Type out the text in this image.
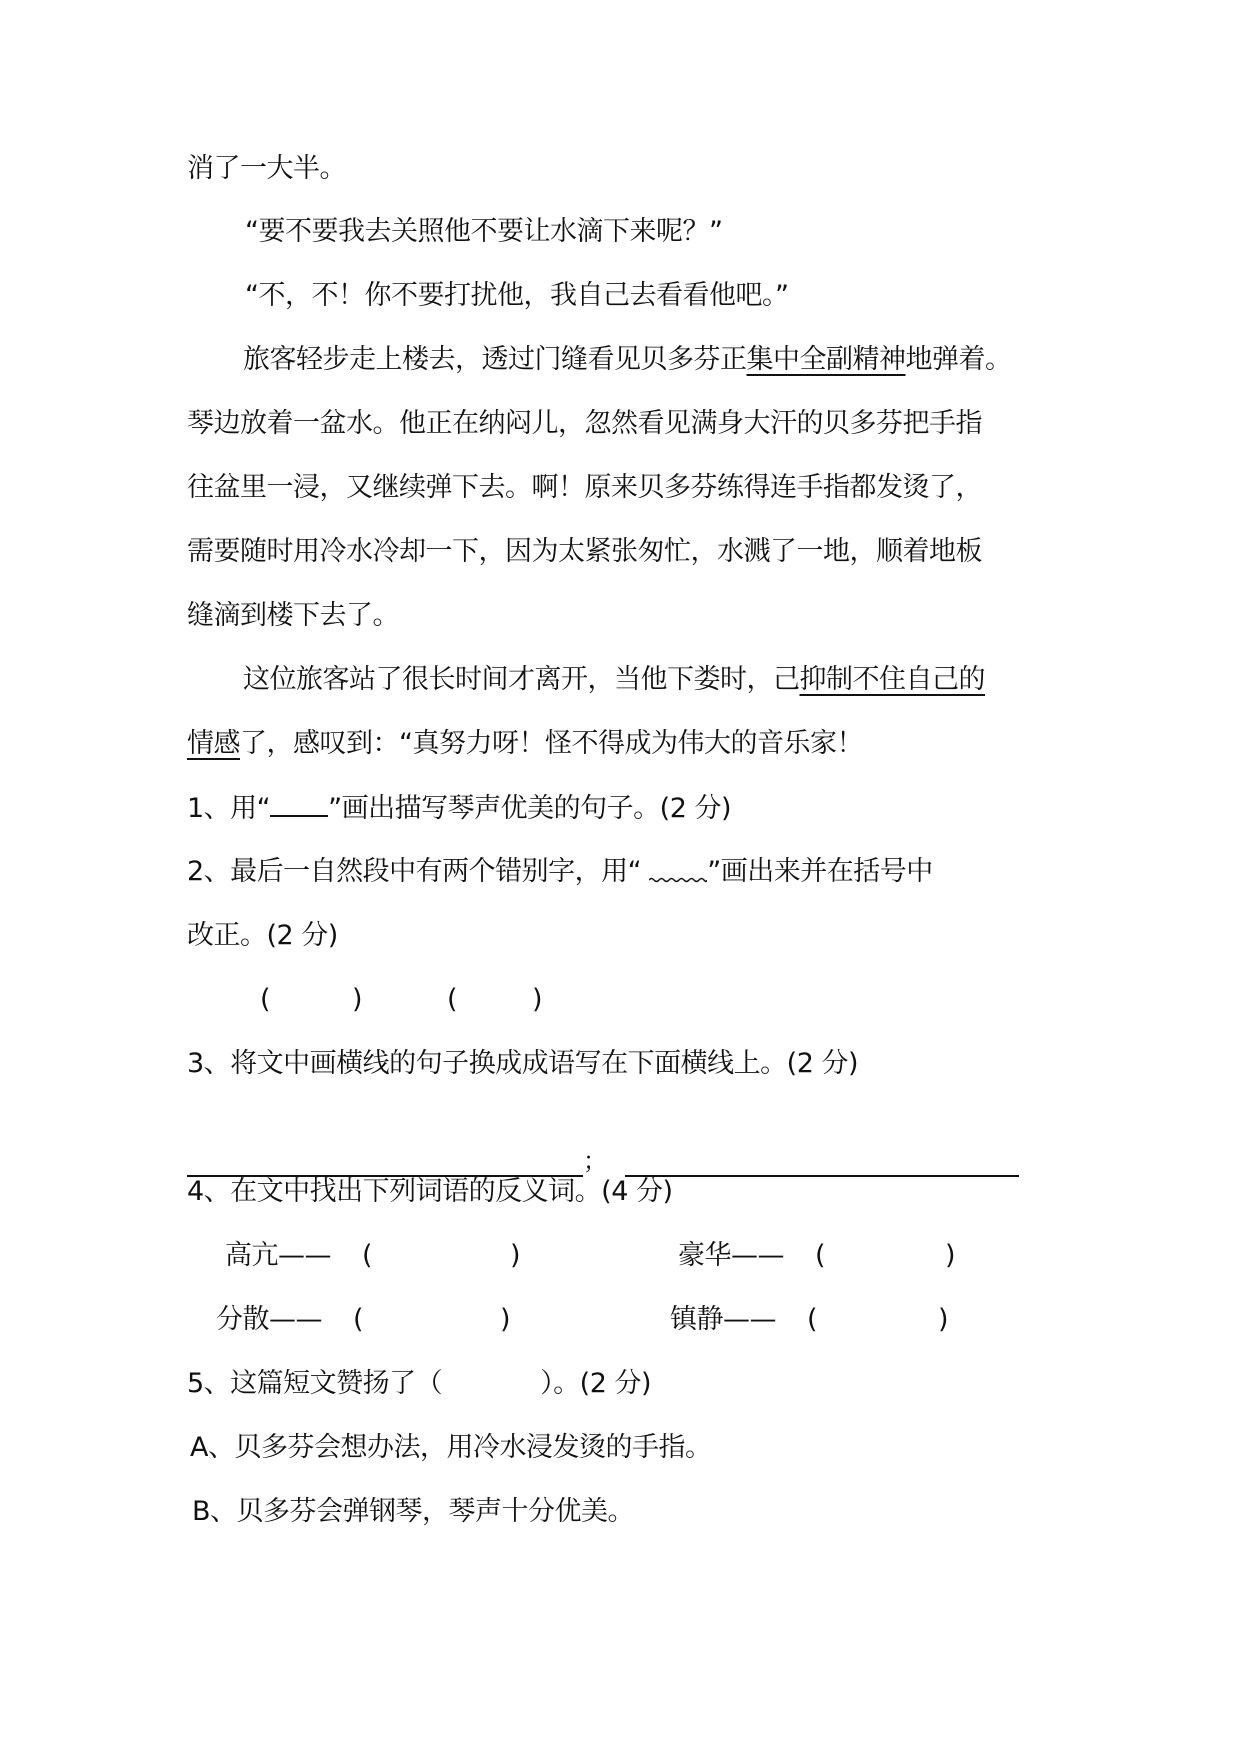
消了一大半。
“要不要我去关照他不要让水滴下来呢？”
“不，不！你不要打扰他，我自己去看看他吧。”
旅客轻步走上楼去，透过门缝看见贝多芬正集中全副精神地弹着。
琴边放着一盆水。他正在纳闷儿，忽然看见满身大汗的贝多芬把手指
往盆里一浸，又继续弹下去。啊！原来贝多芬练得连手指都发烫了，
需要随时用冷水冷却一下，因为太紧张匆忙，水溅了一地，顺着地板
缝滴到楼下去了。
这位旅客站了很长时间才离开，当他下娄时，己抑制不住自己的
情感了，感叹到：“真努力呀！怪不得成为伟大的音乐家！
1、用“ ”画出描写琴声优美的句子。(2 分)
2、最后一自然段中有两个错别字，用“
”画出来并在括号中
改正。(2 分)
(	)	(	)
3、将文中画横线的句子换成成语写在下面横线上。(2 分)
；
4、在文中找出下列词语的反义词。(4 分)
高亢—— (	)	豪华—— (	)
分散—— (	)	镇静—— (	)
5、这篇短文赞扬了（	）。(2 分)
A、贝多芬会想办法，用冷水浸发烫的手指。
B、贝多芬会弹钢琴，琴声十分优美。
